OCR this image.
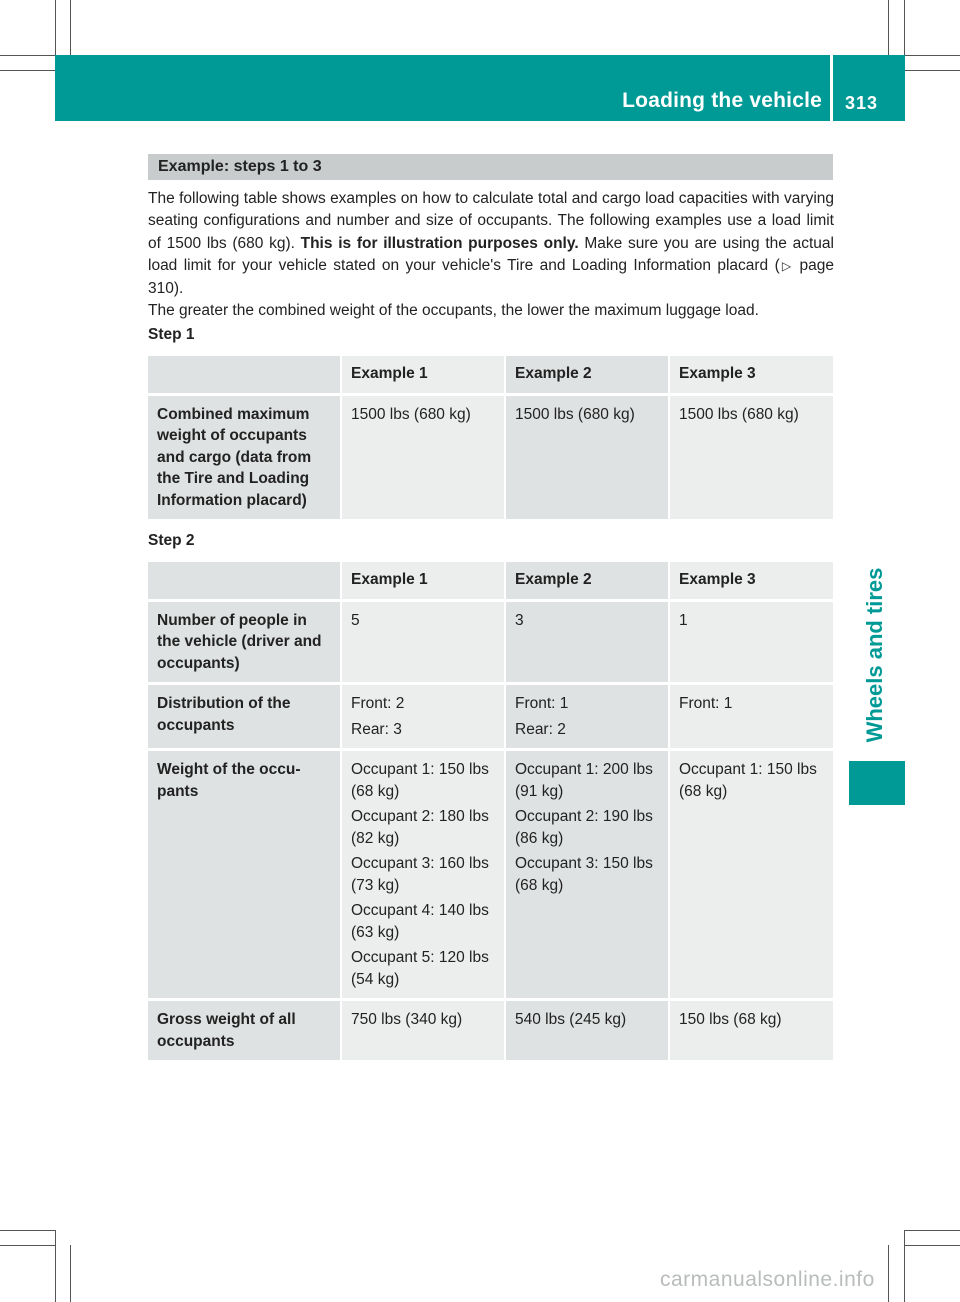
Loading the vehicle 313
Wheels and tires
Example: steps 1 to 3
The following table shows examples on how to calculate total and cargo load capacities with varying seating configurations and number and size of occupants. The following examples use a load limit of 1500 lbs (680 kg). This is for illustration purposes only. Make sure you are using the actual load limit for your vehicle stated on your vehicle's Tire and Loading Information placard (▷ page 310).
The greater the combined weight of the occupants, the lower the maximum luggage load.
Step 1
	Example 1	Example 2	Example 3
Combined maximum weight of occupants and cargo (data from the Tire and Loading Information placard)	1500 lbs (680 kg)	1500 lbs (680 kg)	1500 lbs (680 kg)
Step 2
	Example 1	Example 2	Example 3
Number of people in the vehicle (driver and occupants)	5	3	1

Distribution of the occupants	Front: 2
Rear: 3	Front: 1
Rear: 2	Front: 1

Weight of the occu-pants	Occupant 1: 150 lbs (68 kg)
Occupant 2: 180 lbs (82 kg)
Occupant 3: 160 lbs (73 kg)
Occupant 4: 140 lbs (63 kg)
Occupant 5: 120 lbs (54 kg)	Occupant 1: 200 lbs (91 kg)
Occupant 2: 190 lbs (86 kg)
Occupant 3: 150 lbs (68 kg)	Occupant 1: 150 lbs (68 kg)

Gross weight of all occupants	750 lbs (340 kg)	540 lbs (245 kg)	150 lbs (68 kg)
carmanualsonline.info
